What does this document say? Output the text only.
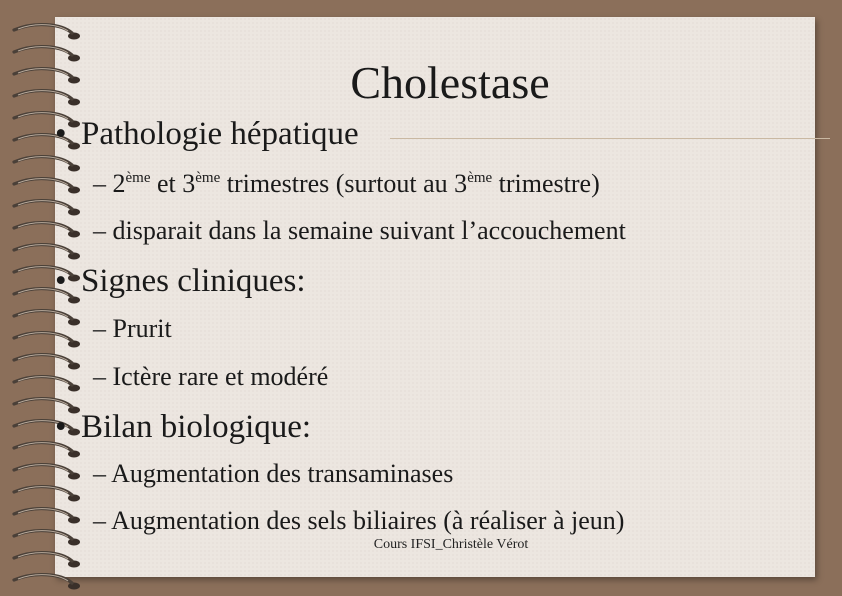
Cholestase
• Pathologie hépatique
– 2ème et 3ème trimestres (surtout au 3ème trimestre)
– disparait dans la semaine suivant l’accouchement
• Signes cliniques:
– Prurit
– Ictère rare et modéré
• Bilan biologique:
– Augmentation des transaminases
– Augmentation des sels biliaires (à réaliser à jeun)
Cours IFSI_Christèle Vérot
